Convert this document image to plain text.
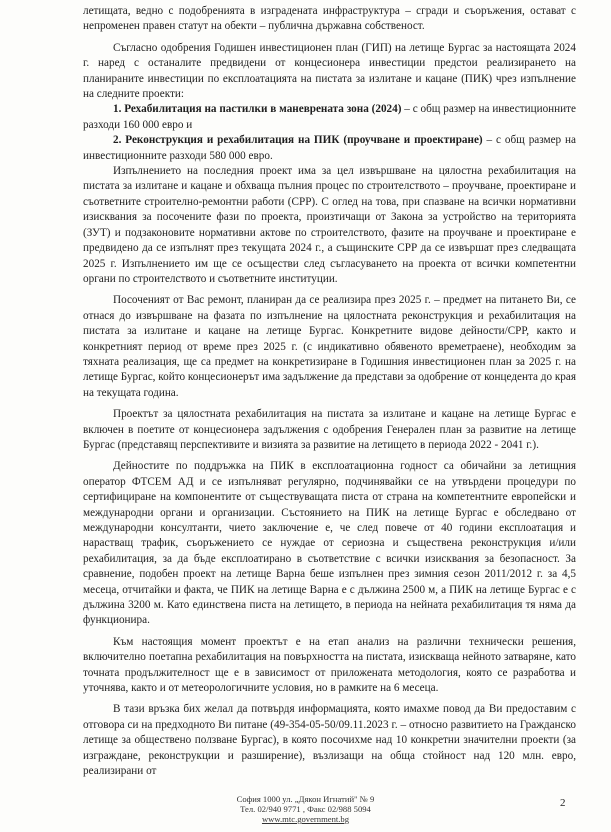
летищата, ведно с подобренията в изградената инфраструктура – сгради и съоръжения, остават с непроменен правен статут на обекти – публична държавна собственост.

Съгласно одобрения Годишен инвестиционен план (ГИП) на летище Бургас за настоящата 2024 г. наред с останалите предвидени от концесионера инвестиции предстои реализирането на планираните инвестиции по експлоатацията на пистата за излитане и кацане (ПИК) чрез изпълнение на следните проекти:

1. Рехабилитация на пастилки в маневрената зона (2024) – с общ размер на инвестиционните разходи 160 000 евро и

2. Реконструкция и рехабилитация на ПИК (проучване и проектиране) – с общ размер на инвестиционните разходи 580 000 евро.

Изпълнението на последния проект има за цел извършване на цялостна рехабилитация на пистата за излитане и кацане и обхваща пълния процес по строителството – проучване, проектиране и съответните строително-ремонтни работи (СРР). С оглед на това, при спазване на всички нормативни изисквания за посочените фази по проекта, произтичащи от Закона за устройство на територията (ЗУТ) и подзаконовите нормативни актове по строителството, фазите на проучване и проектиране е предвидено да се изпълнят през текущата 2024 г., а същинските СРР да се извършат през следващата 2025 г. Изпълнението им ще се осъществи след съгласуването на проекта от всички компетентни органи по строителството и съответните институции.

Посоченият от Вас ремонт, планиран да се реализира през 2025 г. – предмет на питането Ви, се отнася до извършване на фазата по изпълнение на цялостната реконструкция и рехабилитация на пистата за излитане и кацане на летище Бургас. Конкретните видове дейности/СРР, както и конкретният период от време през 2025 г. (с индикативно обявеното времетраене), необходим за тяхната реализация, ще са предмет на конкретизиране в Годишния инвестиционен план за 2025 г. на летище Бургас, който концесионерът има задължение да представи за одобрение от концедента до края на текущата година.

Проектът за цялостната рехабилитация на пистата за излитане и кацане на летище Бургас е включен в поетите от концесионера задължения с одобрения Генерален план за развитие на летище Бургас (представящ перспективите и визията за развитие на летището в периода 2022 - 2041 г.).

Дейностите по поддръжка на ПИК в експлоатационна годност са обичайни за летищния оператор ФТСЕМ АД и се изпълняват регулярно, подчинявайки се на утвърдени процедури по сертифициране на компонентите от съществуващата писта от страна на компетентните европейски и международни органи и организации. Състоянието на ПИК на летище Бургас е обследвано от международни консултанти, чието заключение е, че след повече от 40 години експлоатация и нарастващ трафик, съоръжението се нуждае от сериозна и съществена реконструкция и/или рехабилитация, за да бъде експлоатирано в съответствие с всички изисквания за безопасност. За сравнение, подобен проект на летище Варна беше изпълнен през зимния сезон 2011/2012 г. за 4,5 месеца, отчитайки и факта, че ПИК на летище Варна е с дължина 2500 м, а ПИК на летище Бургас е с дължина 3200 м. Като единствена писта на летището, в периода на нейната рехабилитация тя няма да функционира.

Към настоящия момент проектът е на етап анализ на различни технически решения, включително поетапна рехабилитация на повърхността на пистата, изискваща нейното затваряне, като точната продължителност ще е в зависимост от приложената методология, която се разработва и уточнява, както и от метеорологичните условия, но в рамките на 6 месеца.

В тази връзка бих желал да потвърдя информацията, която имахме повод да Ви предоставим с отговора си на предходното Ви питане (49-354-05-50/09.11.2023 г. – относно развитието на Гражданско летище за обществено ползване Бургас), в която посочихме над 10 конкретни значителни проекти (за изграждане, реконструкции и разширение), възлизащи на обща стойност над 120 млн. евро, реализирани от

София 1000 ул. „Дякон Игнатий" № 9
Тел. 02/940 9771 , Факс 02/988 5094
www.mtc.government.bg
2
